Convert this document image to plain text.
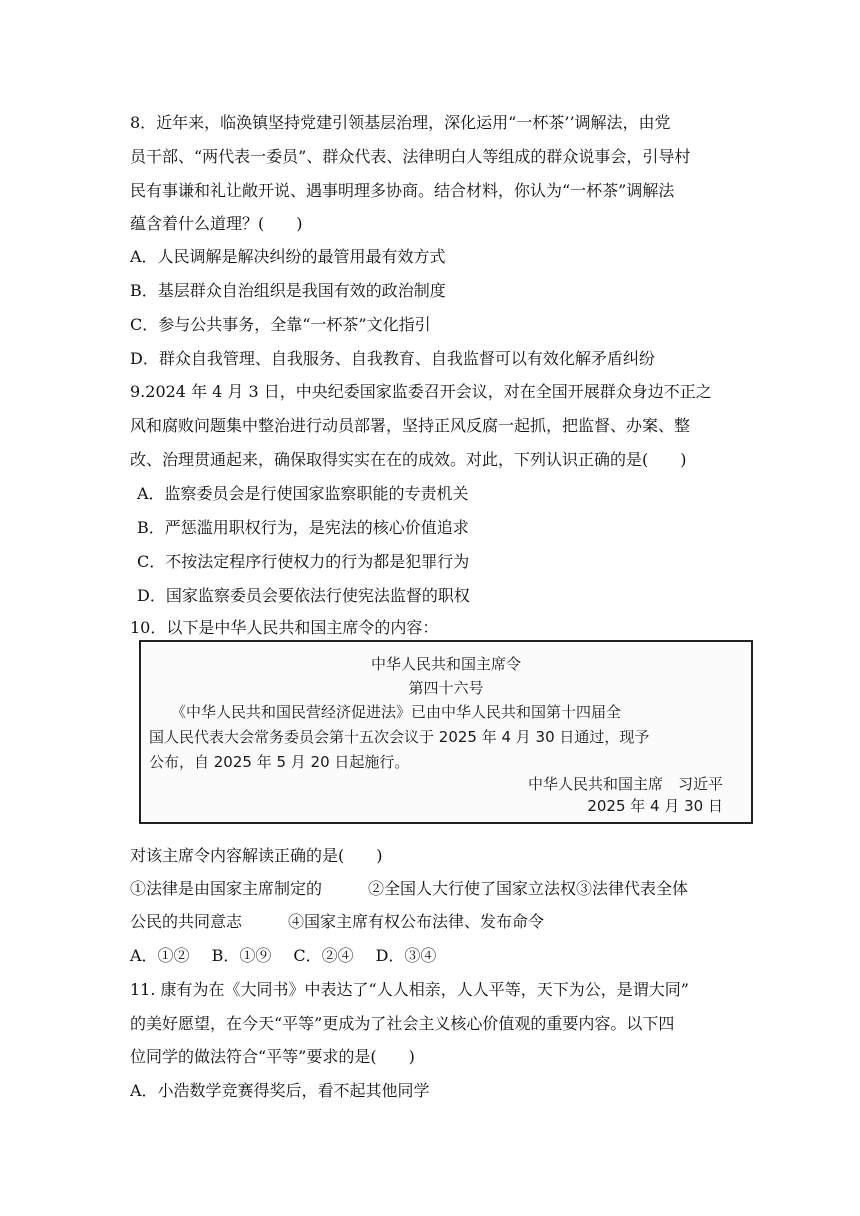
8．近年来，临涣镇坚持党建引领基层治理，深化运用“一杯茶’’调解法，由党
员干部、“两代表一委员”、群众代表、法律明白人等组成的群众说事会，引导村
民有事谦和礼让敞开说、遇事明理多协商。结合材料，你认为“一杯茶”调解法
蕴含着什么道理？(　　)
A．人民调解是解决纠纷的最管用最有效方式
B．基层群众自治组织是我国有效的政治制度
C．参与公共事务，全靠“一杯茶”文化指引
D．群众自我管理、自我服务、自我教育、自我监督可以有效化解矛盾纠纷
9.2024 年 4 月 3 日，中央纪委国家监委召开会议，对在全国开展群众身边不正之
风和腐败问题集中整治进行动员部署，坚持正风反腐一起抓，把监督、办案、整
改、治理贯通起来，确保取得实实在在的成效。对此，下列认识正确的是(　　)
A．监察委员会是行使国家监察职能的专责机关
B．严惩滥用职权行为，是宪法的核心价值追求
C．不按法定程序行使权力的行为都是犯罪行为
D．国家监察委员会要依法行使宪法监督的职权
10．以下是中华人民共和国主席令的内容：
中华人民共和国主席令
第四十六号
《中华人民共和国民营经济促进法》已由中华人民共和国第十四届全
国人民代表大会常务委员会第十五次会议于 2025 年 4 月 30 日通过，现予
公布，自 2025 年 5 月 20 日起施行。
中华人民共和国主席　习近平
2025 年 4 月 30 日
对该主席令内容解读正确的是(　　)
①法律是由国家主席制定的	②全国人大行使了国家立法权③法律代表全体
公民的共同意志	④国家主席有权公布法律、发布命令
A．①② B．①⑨ C．②④ D．③④
11. 康有为在《大同书》中表达了“人人相亲，人人平等，天下为公，是谓大同”
的美好愿望，在今天“平等”更成为了社会主义核心价值观的重要内容。以下四
位同学的做法符合“平等”要求的是(　　)
A．小浩数学竞赛得奖后，看不起其他同学
